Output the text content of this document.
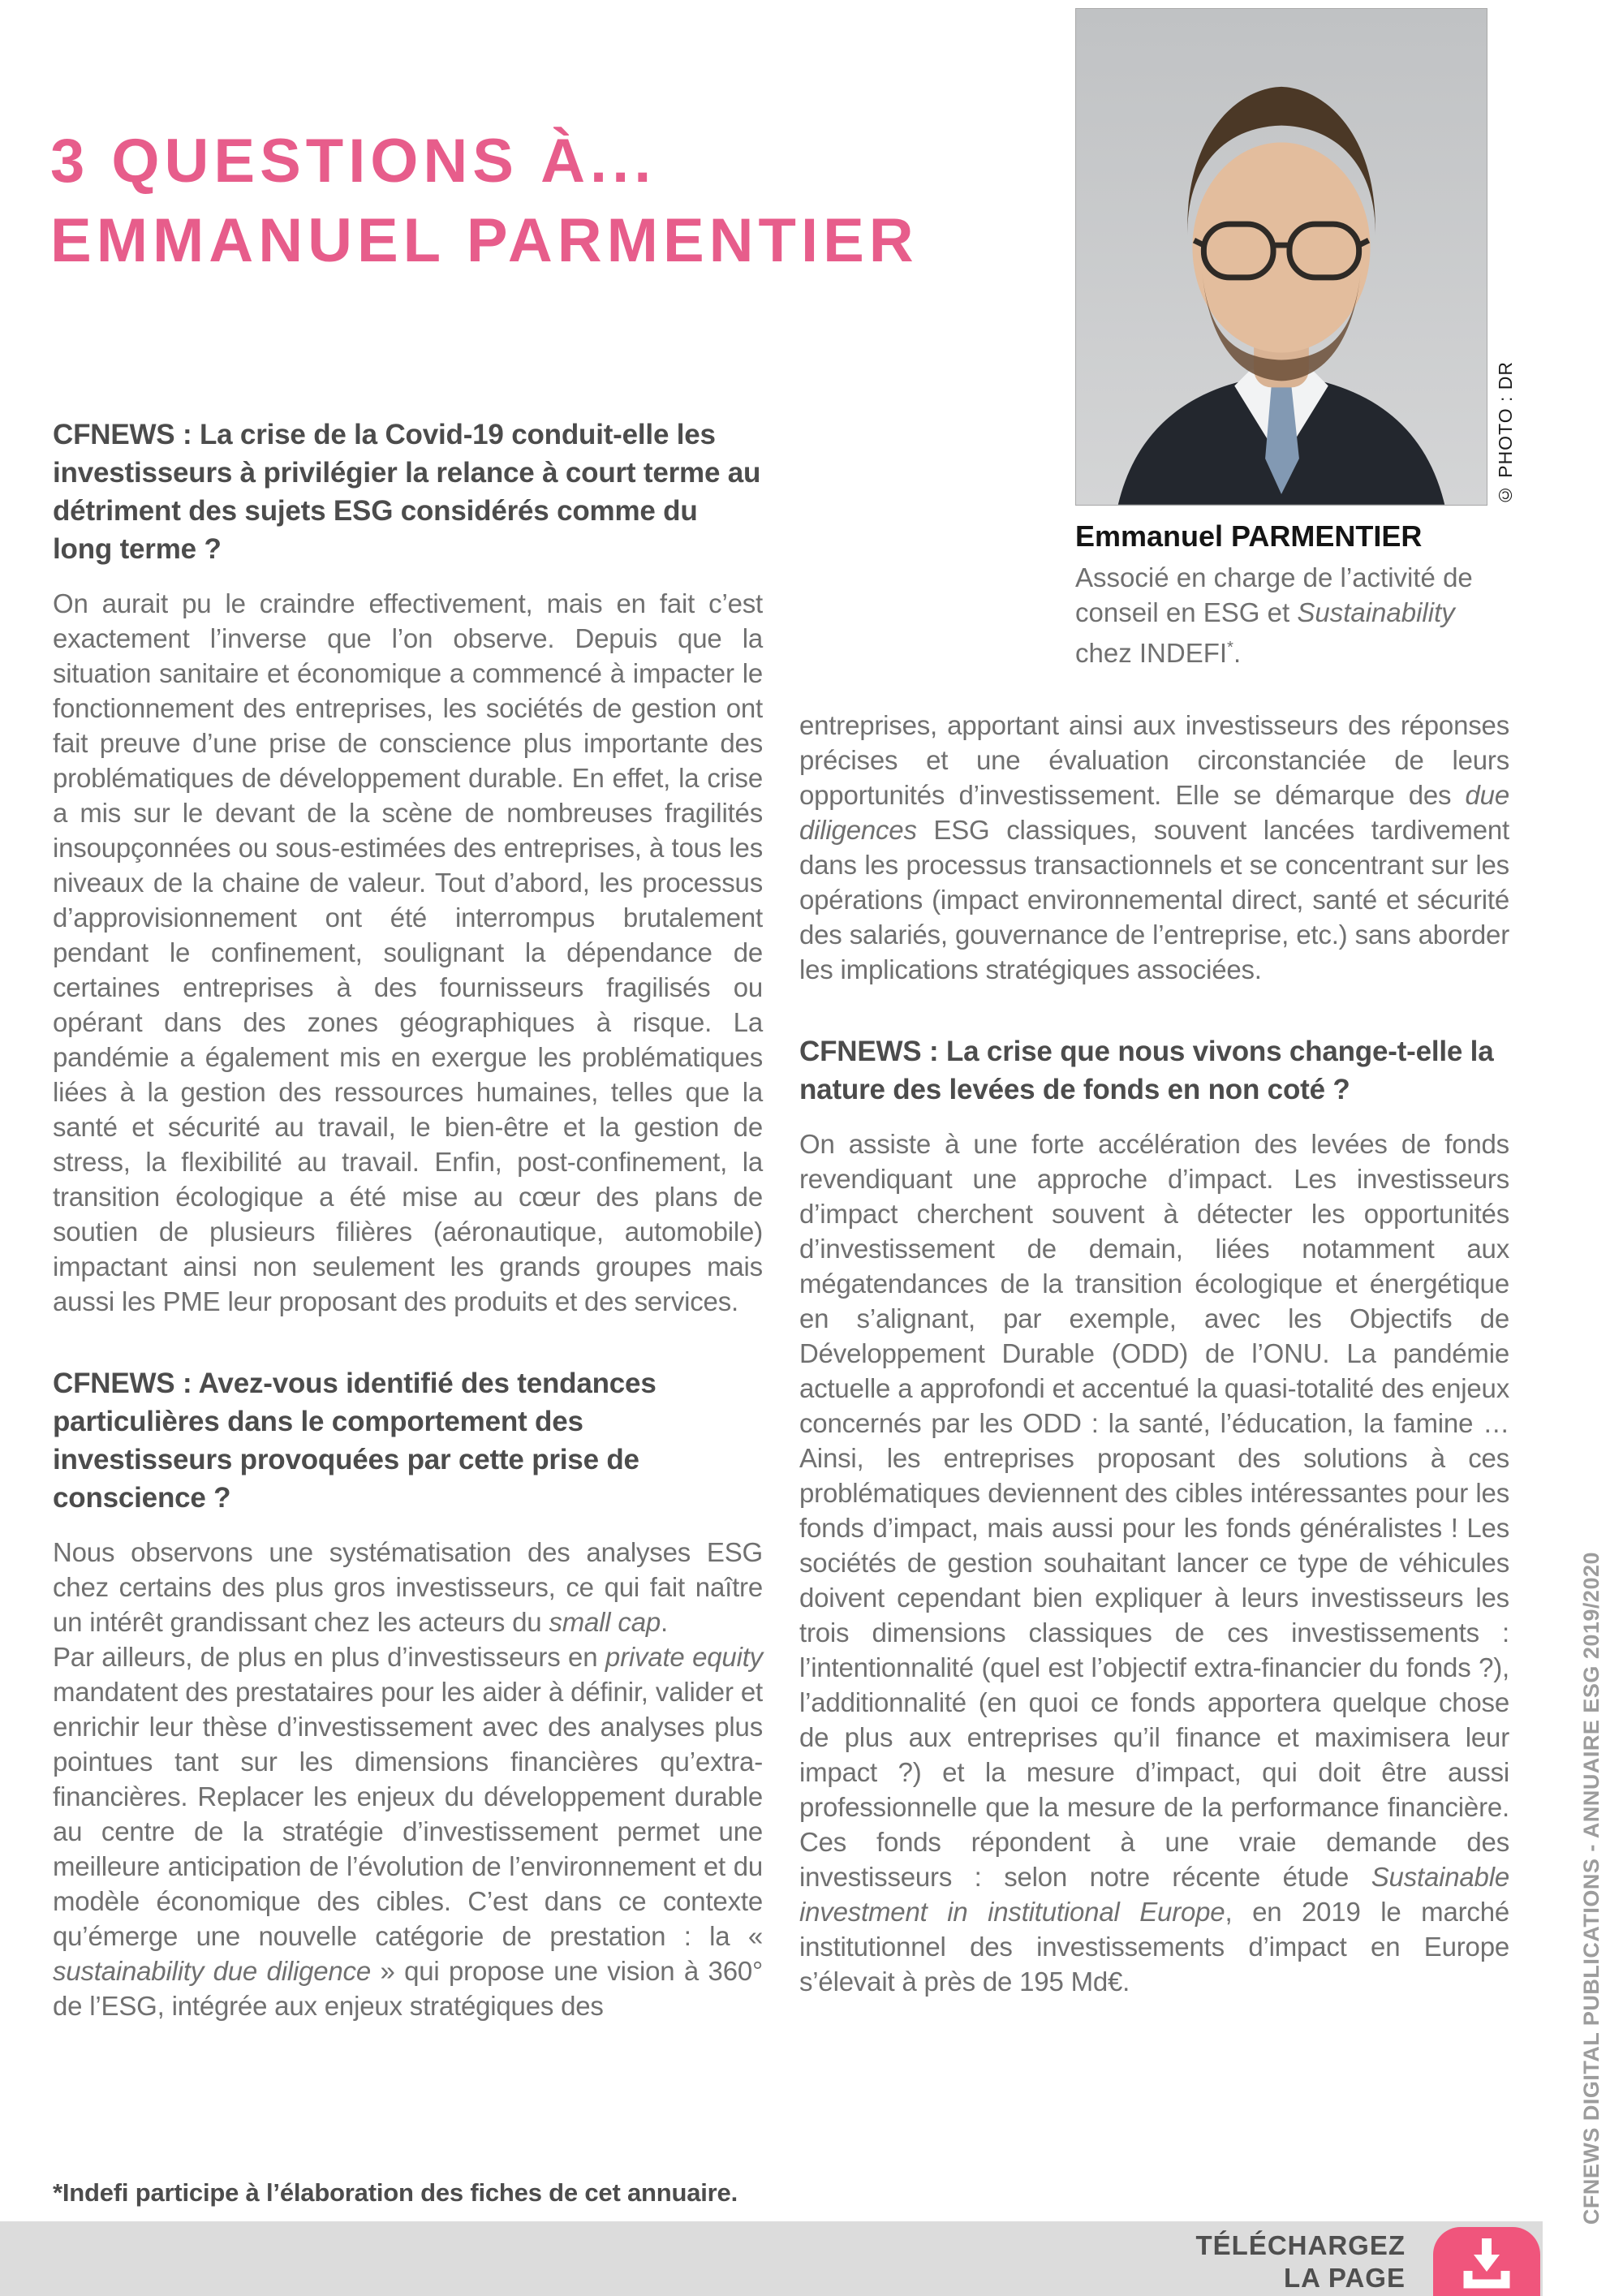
3 QUESTIONS À...
EMMANUEL PARMENTIER
© PHOTO : DR
Emmanuel PARMENTIER
Associé en charge de l’activité de conseil en ESG et Sustainability chez INDEFI*.
CFNEWS : La crise de la Covid-19 conduit-elle les investisseurs à privilégier la relance à court terme au détriment des sujets ESG considérés comme du long terme ?

On aurait pu le craindre effectivement, mais en fait c’est exactement l’inverse que l’on observe. Depuis que la situation sanitaire et économique a commencé à impacter le fonctionnement des entreprises, les sociétés de gestion ont fait preuve d’une prise de conscience plus importante des problématiques de développement durable. En effet, la crise a mis sur le devant de la scène de nombreuses fragilités insoupçonnées ou sous-estimées des entreprises, à tous les niveaux de la chaine de valeur. Tout d’abord, les processus d’approvisionnement ont été interrompus brutalement pendant le confinement, soulignant la dépendance de certaines entreprises à des fournisseurs fragilisés ou opérant dans des zones géographiques à risque. La pandémie a également mis en exergue les problématiques liées à la gestion des ressources humaines, telles que la santé et sécurité au travail, le bien-être et la gestion de stress, la flexibilité au travail. Enfin, post-confinement, la transition écologique a été mise au cœur des plans de soutien de plusieurs filières (aéronautique, automobile) impactant ainsi non seulement les grands groupes mais aussi les PME leur proposant des produits et des services.

CFNEWS : Avez-vous identifié des tendances particulières dans le comportement des investisseurs provoquées par cette prise de conscience ?

Nous observons une systématisation des analyses ESG chez certains des plus gros investisseurs, ce qui fait naître un intérêt grandissant chez les acteurs du small cap.

Par ailleurs, de plus en plus d’investisseurs en private equity mandatent des prestataires pour les aider à définir, valider et enrichir leur thèse d’investissement avec des analyses plus pointues tant sur les dimensions financières qu’extra-financières. Replacer les enjeux du développement durable au centre de la stratégie d’investissement permet une meilleure anticipation de l’évolution de l’environnement et du modèle économique des cibles. C’est dans ce contexte qu’émerge une nouvelle catégorie de prestation : la « sustainability due diligence » qui propose une vision à 360° de l’ESG, intégrée aux enjeux stratégiques des

entreprises, apportant ainsi aux investisseurs des réponses précises et une évaluation circonstanciée de leurs opportunités d’investissement. Elle se démarque des due diligences ESG classiques, souvent lancées tardivement dans les processus transactionnels et se concentrant sur les opérations (impact environnemental direct, santé et sécurité des salariés, gouvernance de l’entreprise, etc.) sans aborder les implications stratégiques associées.

CFNEWS : La crise que nous vivons change-t-elle la nature des levées de fonds en non coté ?

On assiste à une forte accélération des levées de fonds revendiquant une approche d’impact. Les investisseurs d’impact cherchent souvent à détecter les opportunités d’investissement de demain, liées notamment aux mégatendances de la transition écologique et énergétique en s’alignant, par exemple, avec les Objectifs de Développement Durable (ODD) de l’ONU. La pandémie actuelle a approfondi et accentué la quasi-totalité des enjeux concernés par les ODD : la santé, l’éducation, la famine … Ainsi, les entreprises proposant des solutions à ces problématiques deviennent des cibles intéressantes pour les fonds d’impact, mais aussi pour les fonds généralistes ! Les sociétés de gestion souhaitant lancer ce type de véhicules doivent cependant bien expliquer à leurs investisseurs les trois dimensions classiques de ces investissements : l’intentionnalité (quel est l’objectif extra-financier du fonds ?), l’additionnalité (en quoi ce fonds apportera quelque chose de plus aux entreprises qu’il finance et maximisera leur impact ?) et la mesure d’impact, qui doit être aussi professionnelle que la mesure de la performance financière. Ces fonds répondent à une vraie demande des investisseurs : selon notre récente étude Sustainable investment in institutional Europe, en 2019 le marché institutionnel des investissements d’impact en Europe s’élevait à près de 195 Md€.

*Indefi participe à l’élaboration des fiches de cet annuaire.
TÉLÉCHARGEZ
LA PAGE
CFNEWS DIGITAL PUBLICATIONS - ANNUAIRE ESG 2019/2020
